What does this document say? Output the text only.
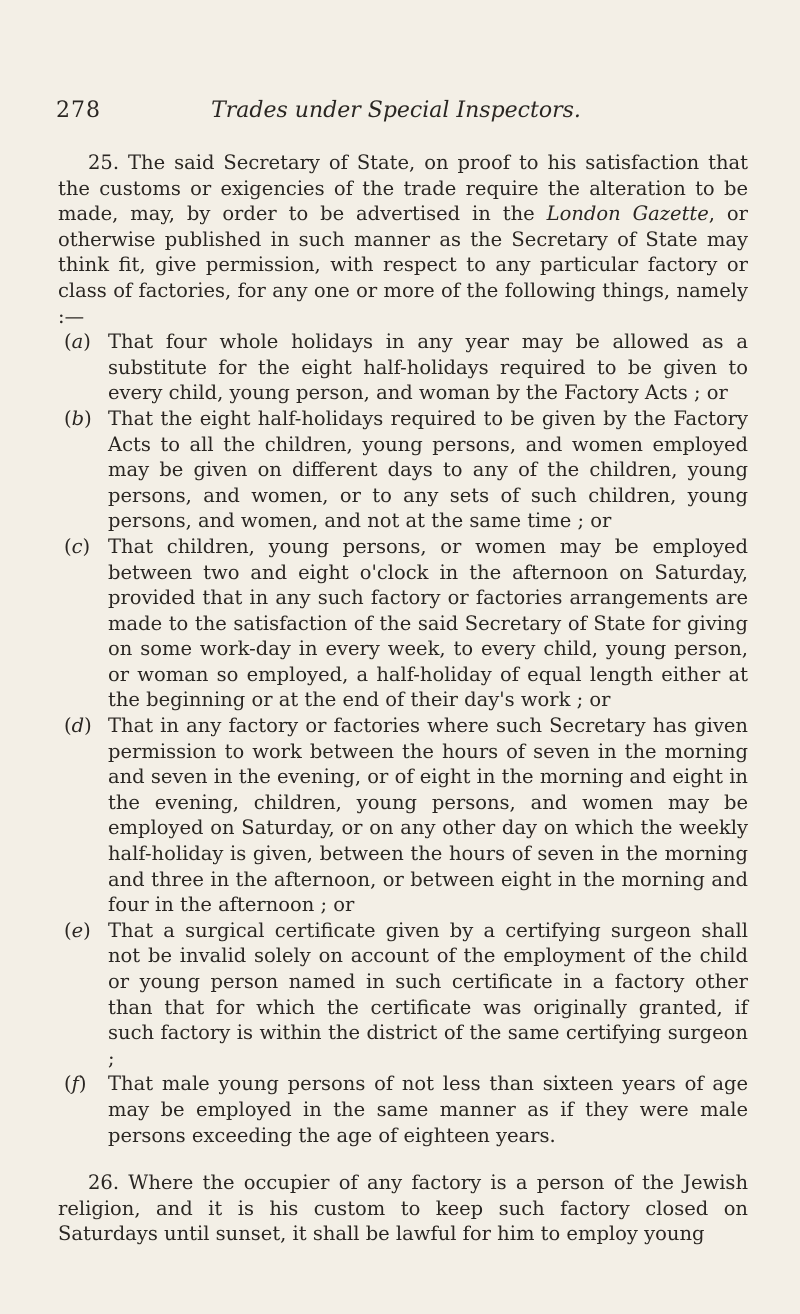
278	Trades under Special Inspectors.

25. The said Secretary of State, on proof to his satisfaction that the customs or exigencies of the trade require the alteration to be made, may, by order to be advertised in the London Gazette, or otherwise published in such manner as the Secretary of State may think fit, give permission, with respect to any particular factory or class of factories, for any one or more of the following things, namely :—

(a) That four whole holidays in any year may be allowed as a substitute for the eight half-holidays required to be given to every child, young person, and woman by the Factory Acts ; or

(b) That the eight half-holidays required to be given by the Factory Acts to all the children, young persons, and women employed may be given on different days to any of the children, young persons, and women, or to any sets of such children, young persons, and women, and not at the same time ; or

(c) That children, young persons, or women may be employed between two and eight o'clock in the afternoon on Saturday, provided that in any such factory or factories arrangements are made to the satisfaction of the said Secretary of State for giving on some work-day in every week, to every child, young person, or woman so employed, a half-holiday of equal length either at the beginning or at the end of their day's work ; or

(d) That in any factory or factories where such Secretary has given permission to work between the hours of seven in the morning and seven in the evening, or of eight in the morning and eight in the evening, children, young persons, and women may be employed on Saturday, or on any other day on which the weekly half-holiday is given, between the hours of seven in the morning and three in the afternoon, or between eight in the morning and four in the afternoon ; or

(e) That a surgical certificate given by a certifying surgeon shall not be invalid solely on account of the employment of the child or young person named in such certificate in a factory other than that for which the certificate was originally granted, if such factory is within the district of the same certifying surgeon ;

(f) That male young persons of not less than sixteen years of age may be employed in the same manner as if they were male persons exceeding the age of eighteen years.

26. Where the occupier of any factory is a person of the Jewish religion, and it is his custom to keep such factory closed on Saturdays until sunset, it shall be lawful for him to employ young
